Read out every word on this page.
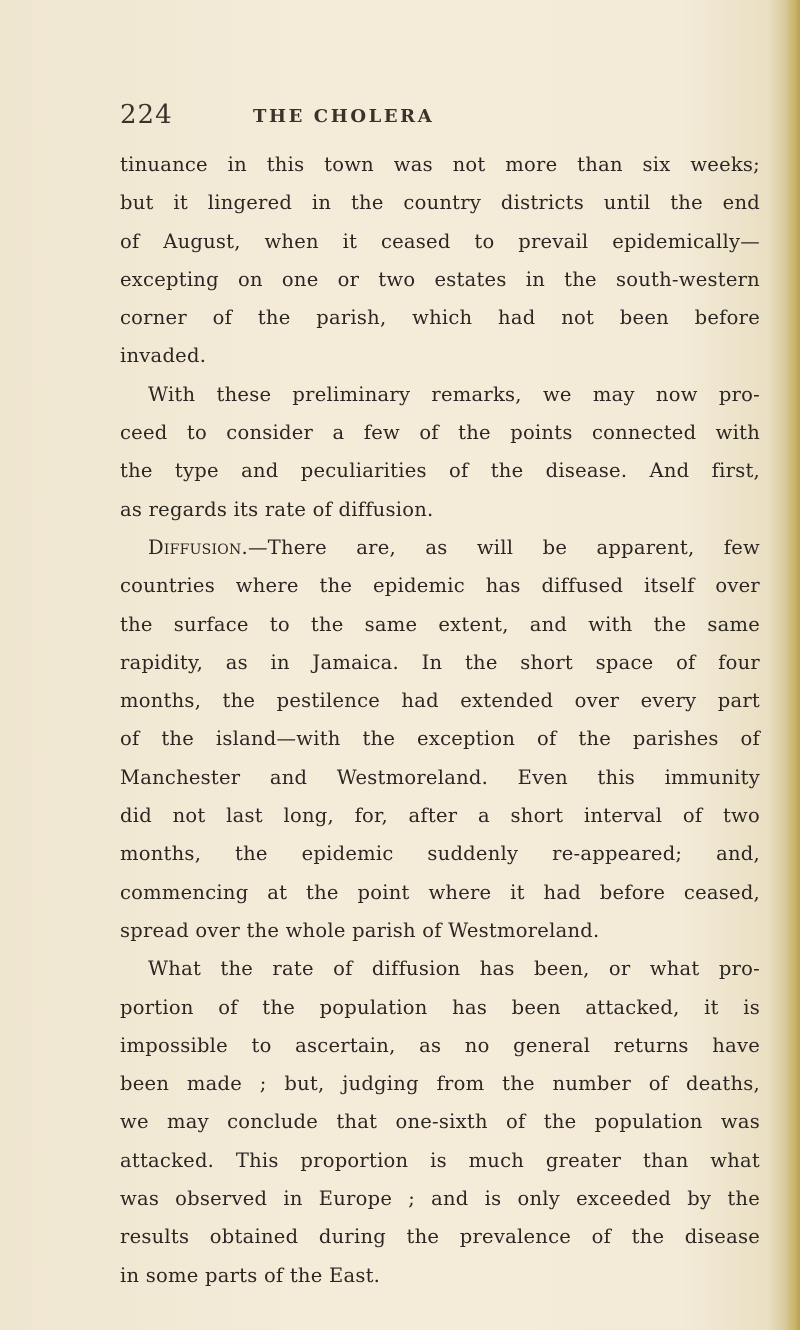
224	THE CHOLERA
tinuance in this town was not more than six weeks;
but it lingered in the country districts until the end
of August, when it ceased to prevail epidemically—
excepting on one or two estates in the south-western
corner of the parish, which had not been before
invaded.
With these preliminary remarks, we may now pro-
ceed to consider a few of the points connected with
the type and peculiarities of the disease. And first,
as regards its rate of diffusion.
Diffusion.—There are, as will be apparent, few
countries where the epidemic has diffused itself over
the surface to the same extent, and with the same
rapidity, as in Jamaica. In the short space of four
months, the pestilence had extended over every part
of the island—with the exception of the parishes of
Manchester and Westmoreland. Even this immunity
did not last long, for, after a short interval of two
months, the epidemic suddenly re-appeared; and,
commencing at the point where it had before ceased,
spread over the whole parish of Westmoreland.
What the rate of diffusion has been, or what pro-
portion of the population has been attacked, it is
impossible to ascertain, as no general returns have
been made ; but, judging from the number of deaths,
we may conclude that one-sixth of the population was
attacked. This proportion is much greater than what
was observed in Europe ; and is only exceeded by the
results obtained during the prevalence of the disease
in some parts of the East.
